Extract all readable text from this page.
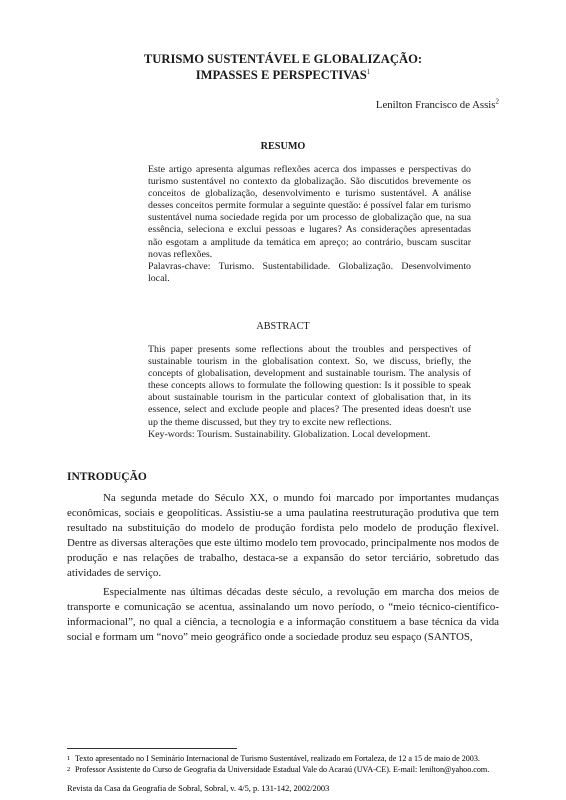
TURISMO SUSTENTÁVEL E GLOBALIZAÇÃO:
IMPASSES E PERSPECTIVAS$^1$
Lenilton Francisco de Assis$^2$
RESUMO

Este artigo apresenta algumas reflexões acerca dos impasses e perspectivas do turismo sustentável no contexto da globalização. São discutidos brevemente os conceitos de globalização, desenvolvimento e turismo sustentável. A análise desses conceitos permite formular a seguinte questão: é possível falar em turismo sustentável numa sociedade regida por um processo de globalização que, na sua essência, seleciona e exclui pessoas e lugares? As considerações apresentadas não esgotam a amplitude da temática em apreço; ao contrário, buscam suscitar novas reflexões.

Palavras-chave: Turismo. Sustentabilidade. Globalização. Desenvolvimento local.

ABSTRACT

This paper presents some reflections about the troubles and perspectives of sustainable tourism in the globalisation context. So, we discuss, briefly, the concepts of globalisation, development and sustainable tourism. The analysis of these concepts allows to formulate the following question: Is it possible to speak about sustainable tourism in the particular context of globalisation that, in its essence, select and exclude people and places? The presented ideas doesn't use up the theme discussed, but they try to excite new reflections.

Key-words: Tourism. Sustainability. Globalization. Local development.

INTRODUÇÃO

Na segunda metade do Século XX, o mundo foi marcado por importantes mudanças econômicas, sociais e geopolíticas. Assistiu-se a uma paulatina reestruturação produtiva que tem resultado na substituição do modelo de produção fordista pelo modelo de produção flexível. Dentre as diversas alterações que este último modelo tem provocado, principalmente nos modos de produção e nas relações de trabalho, destaca-se a expansão do setor terciário, sobretudo das atividades de serviço.

Especialmente nas últimas décadas deste século, a revolução em marcha dos meios de transporte e comunicação se acentua, assinalando um novo período, o “meio técnico-científico-informacional”, no qual a ciência, a tecnologia e a informação constituem a base técnica da vida social e formam um “novo” meio geográfico onde a sociedade produz seu espaço (SANTOS,

1 Texto apresentado no I Seminário Internacional de Turismo Sustentável, realizado em Fortaleza, de 12 a 15 de maio de 2003.
2 Professor Assistente do Curso de Geografia da Universidade Estadual Vale do Acaraú (UVA-CE). E-mail: lenilton@yahoo.com.
Revista da Casa da Geografia de Sobral, Sobral, v. 4/5, p. 131-142, 2002/2003
